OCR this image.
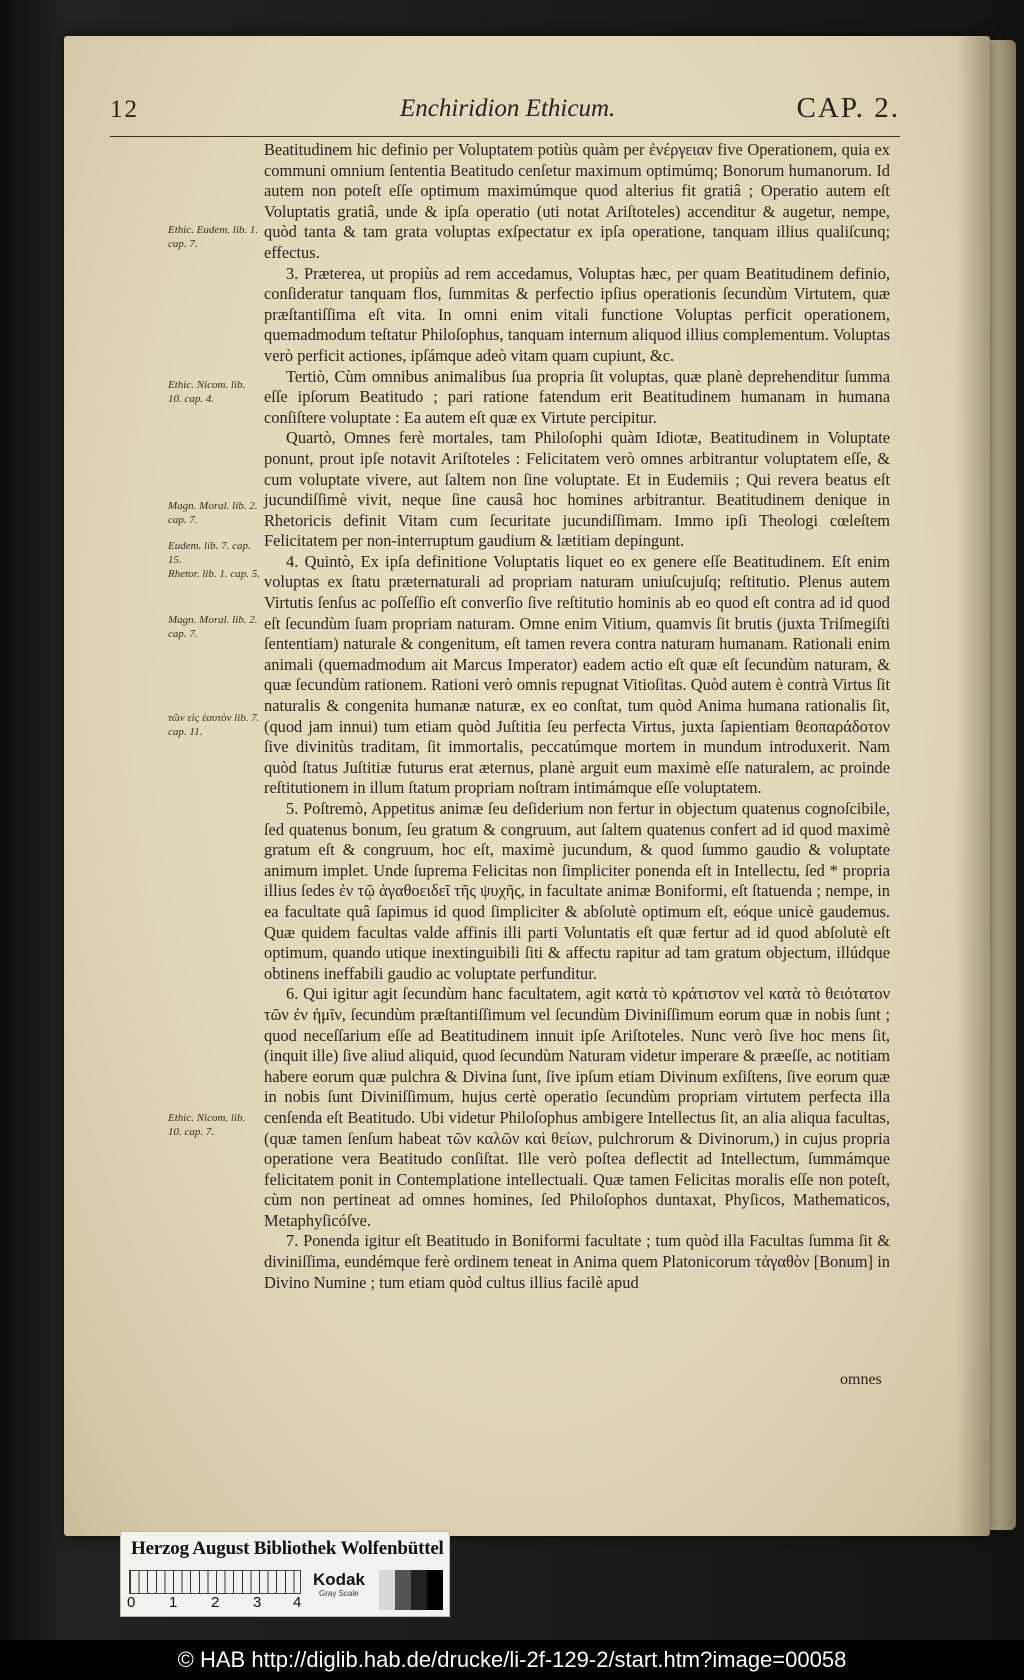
12	Enchiridion Ethicum.	CAP. 2.
Ethic. Eudem. lib. 1. cap. 7.
Ethic. Nicom. lib. 10. cap. 4.
Magn. Moral. lib. 2. cap. 7.
Eudem. lib. 7. cap. 15.
Rhetor. lib. 1. cap. 5.
Magn. Moral. lib. 2. cap. 7.
τῶν εἰς ἑαυτὸν lib. 7. cap. 11.
Ethic. Nicom. lib. 10. cap. 7.

Beatitudinem hic definio per Voluptatem potiùs quàm per ἐνέργειαν five Operationem, quia ex communi omnium ſententia Beatitudo cenſetur maximum optimúmq; Bonorum humanorum. Id autem non poteſt eſſe optimum maximúmque quod alterius fit gratiâ ; Operatio autem eſt Voluptatis gratiâ, unde & ipſa operatio (uti notat Ariſtoteles) accenditur & augetur, nempe, quòd tanta & tam grata voluptas exſpectatur ex ipſa operatione, tanquam illius qualiſcunq; effectus.

3. Præterea, ut propiùs ad rem accedamus, Voluptas hæc, per quam Beatitudinem definio, conſideratur tanquam flos, ſummitas & perfectio ipſius operationis ſecundùm Virtutem, quæ præſtantiſſima eſt vita. In omni enim vitali functione Voluptas perficit operationem, quemadmodum teſtatur Philoſophus, tanquam internum aliquod illius complementum. Voluptas verò perficit actiones, ipſámque adeò vitam quam cupiunt, &c.

Tertiò, Cùm omnibus animalibus ſua propria ſit voluptas, quæ planè deprehenditur ſumma eſſe ipſorum Beatitudo ; pari ratione fatendum erit Beatitudinem humanam in humana conſiſtere voluptate : Ea autem eſt quæ ex Virtute percipitur.

Quartò, Omnes ferè mortales, tam Philoſophi quàm Idiotæ, Beatitudinem in Voluptate ponunt, prout ipſe notavit Ariſtoteles : Felicitatem verò omnes arbitrantur voluptatem eſſe, & cum voluptate vivere, aut ſaltem non ſine voluptate. Et in Eudemiis ; Qui revera beatus eſt jucundiſſimè vivit, neque ſine causâ hoc homines arbitrantur. Beatitudinem denique in Rhetoricis definit Vitam cum ſecuritate jucundiſſimam. Immo ipſi Theologi cœleſtem Felicitatem per non-interruptum gaudium & lætitiam depingunt.

4. Quintò, Ex ipſa definitione Voluptatis liquet eo ex genere eſſe Beatitudinem. Eſt enim voluptas ex ſtatu præternaturali ad propriam naturam uniuſcujuſq; reſtitutio. Plenus autem Virtutis ſenſus ac poſſeſſio eſt converſio ſive reſtitutio hominis ab eo quod eſt contra ad id quod eſt ſecundùm ſuam propriam naturam. Omne enim Vitium, quamvis ſit brutis (juxta Triſmegiſti ſententiam) naturale & congenitum, eſt tamen revera contra naturam humanam. Rationali enim animali (quemadmodum ait Marcus Imperator) eadem actio eſt quæ eſt ſecundùm naturam, & quæ ſecundùm rationem. Rationi verò omnis repugnat Vitioſitas. Quòd autem è contrà Virtus ſit naturalis & congenita humanæ naturæ, ex eo conſtat, tum quòd Anima humana rationalis ſit, (quod jam innui) tum etiam quòd Juſtitia ſeu perfecta Virtus, juxta ſapientiam θεοπαράδοτον ſive divinitùs traditam, ſit immortalis, peccatúmque mortem in mundum introduxerit. Nam quòd ſtatus Juſtitiæ futurus erat æternus, planè arguit eum maximè eſſe naturalem, ac proinde reſtitutionem in illum ſtatum propriam noſtram intimámque eſſe voluptatem.

5. Poſtremò, Appetitus animæ ſeu deſiderium non fertur in objectum quatenus cognoſcibile, ſed quatenus bonum, ſeu gratum & congruum, aut ſaltem quatenus confert ad id quod maximè gratum eſt & congruum, hoc eſt, maximè jucundum, & quod ſummo gaudio & voluptate animum implet. Unde ſuprema Felicitas non ſimpliciter ponenda eſt in Intellectu, ſed * propria illius ſedes ἐν τῷ ἀγαθοειδεῖ τῆς ψυχῆς, in facultate animæ Boniformi, eſt ſtatuenda ; nempe, in ea facultate quâ ſapimus id quod ſimpliciter & abſolutè optimum eſt, eóque unicè gaudemus. Quæ quidem facultas valde affinis illi parti Voluntatis eſt quæ fertur ad id quod abſolutè eſt optimum, quando utique inextinguibili ſiti & affectu rapitur ad tam gratum objectum, illúdque obtinens ineffabili gaudio ac voluptate perfunditur.

6. Qui igitur agit ſecundùm hanc facultatem, agit κατὰ τὸ κράτιστον vel κατὰ τὸ θειότατον τῶν ἐν ἡμῖν, ſecundùm præſtantiſſimum vel ſecundùm Diviniſſimum eorum quæ in nobis ſunt ; quod neceſſarium eſſe ad Beatitudinem innuit ipſe Ariſtoteles. Nunc verò ſive hoc mens ſit, (inquit ille) ſive aliud aliquid, quod ſecundùm Naturam videtur imperare & præeſſe, ac notitiam habere eorum quæ pulchra & Divina ſunt, ſive ipſum etiam Divinum exſiſtens, ſive eorum quæ in nobis ſunt Diviniſſimum, hujus certè operatio ſecundùm propriam virtutem perfecta illa cenſenda eſt Beatitudo. Ubi videtur Philoſophus ambigere Intellectus ſit, an alia aliqua facultas, (quæ tamen ſenſum habeat τῶν καλῶν καὶ θείων, pulchrorum & Divinorum,) in cujus propria operatione vera Beatitudo conſiſtat. Ille verò poſtea deflectit ad Intellectum, ſummámque felicitatem ponit in Contemplatione intellectuali. Quæ tamen Felicitas moralis eſſe non poteſt, cùm non pertineat ad omnes homines, ſed Philoſophos duntaxat, Phyſicos, Mathematicos, Metaphyſicóſve.

7. Ponenda igitur eſt Beatitudo in Boniformi facultate ; tum quòd illa Facultas ſumma ſit & diviniſſima, eundémque ferè ordinem teneat in Anima quem Platonicorum τἀγαθὸν [Bonum] in Divino Numine ; tum etiam quòd cultus illius facilè apud

omnes
Herzog August Bibliothek Wolfenbüttel
0 1 2 3 4
Kodak
Gray Scale
© HAB http://diglib.hab.de/drucke/li-2f-129-2/start.htm?image=00058
